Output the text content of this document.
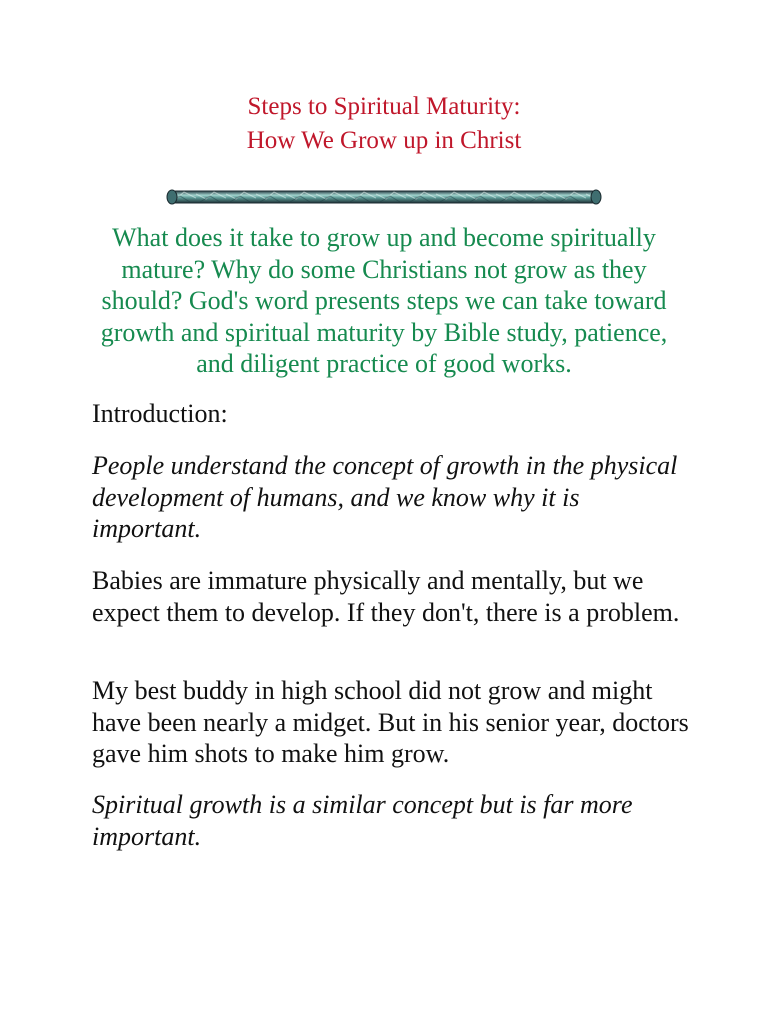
Steps to Spiritual Maturity:
How We Grow up in Christ
What does it take to grow up and become spiritually mature? Why do some Christians not grow as they should? God's word presents steps we can take toward growth and spiritual maturity by Bible study, patience, and diligent practice of good works.
Introduction:
People understand the concept of growth in the physical development of humans, and we know why it is important.
Babies are immature physically and mentally, but we expect them to develop. If they don't, there is a problem.
My best buddy in high school did not grow and might have been nearly a midget. But in his senior year, doctors gave him shots to make him grow.
Spiritual growth is a similar concept but is far more important.
